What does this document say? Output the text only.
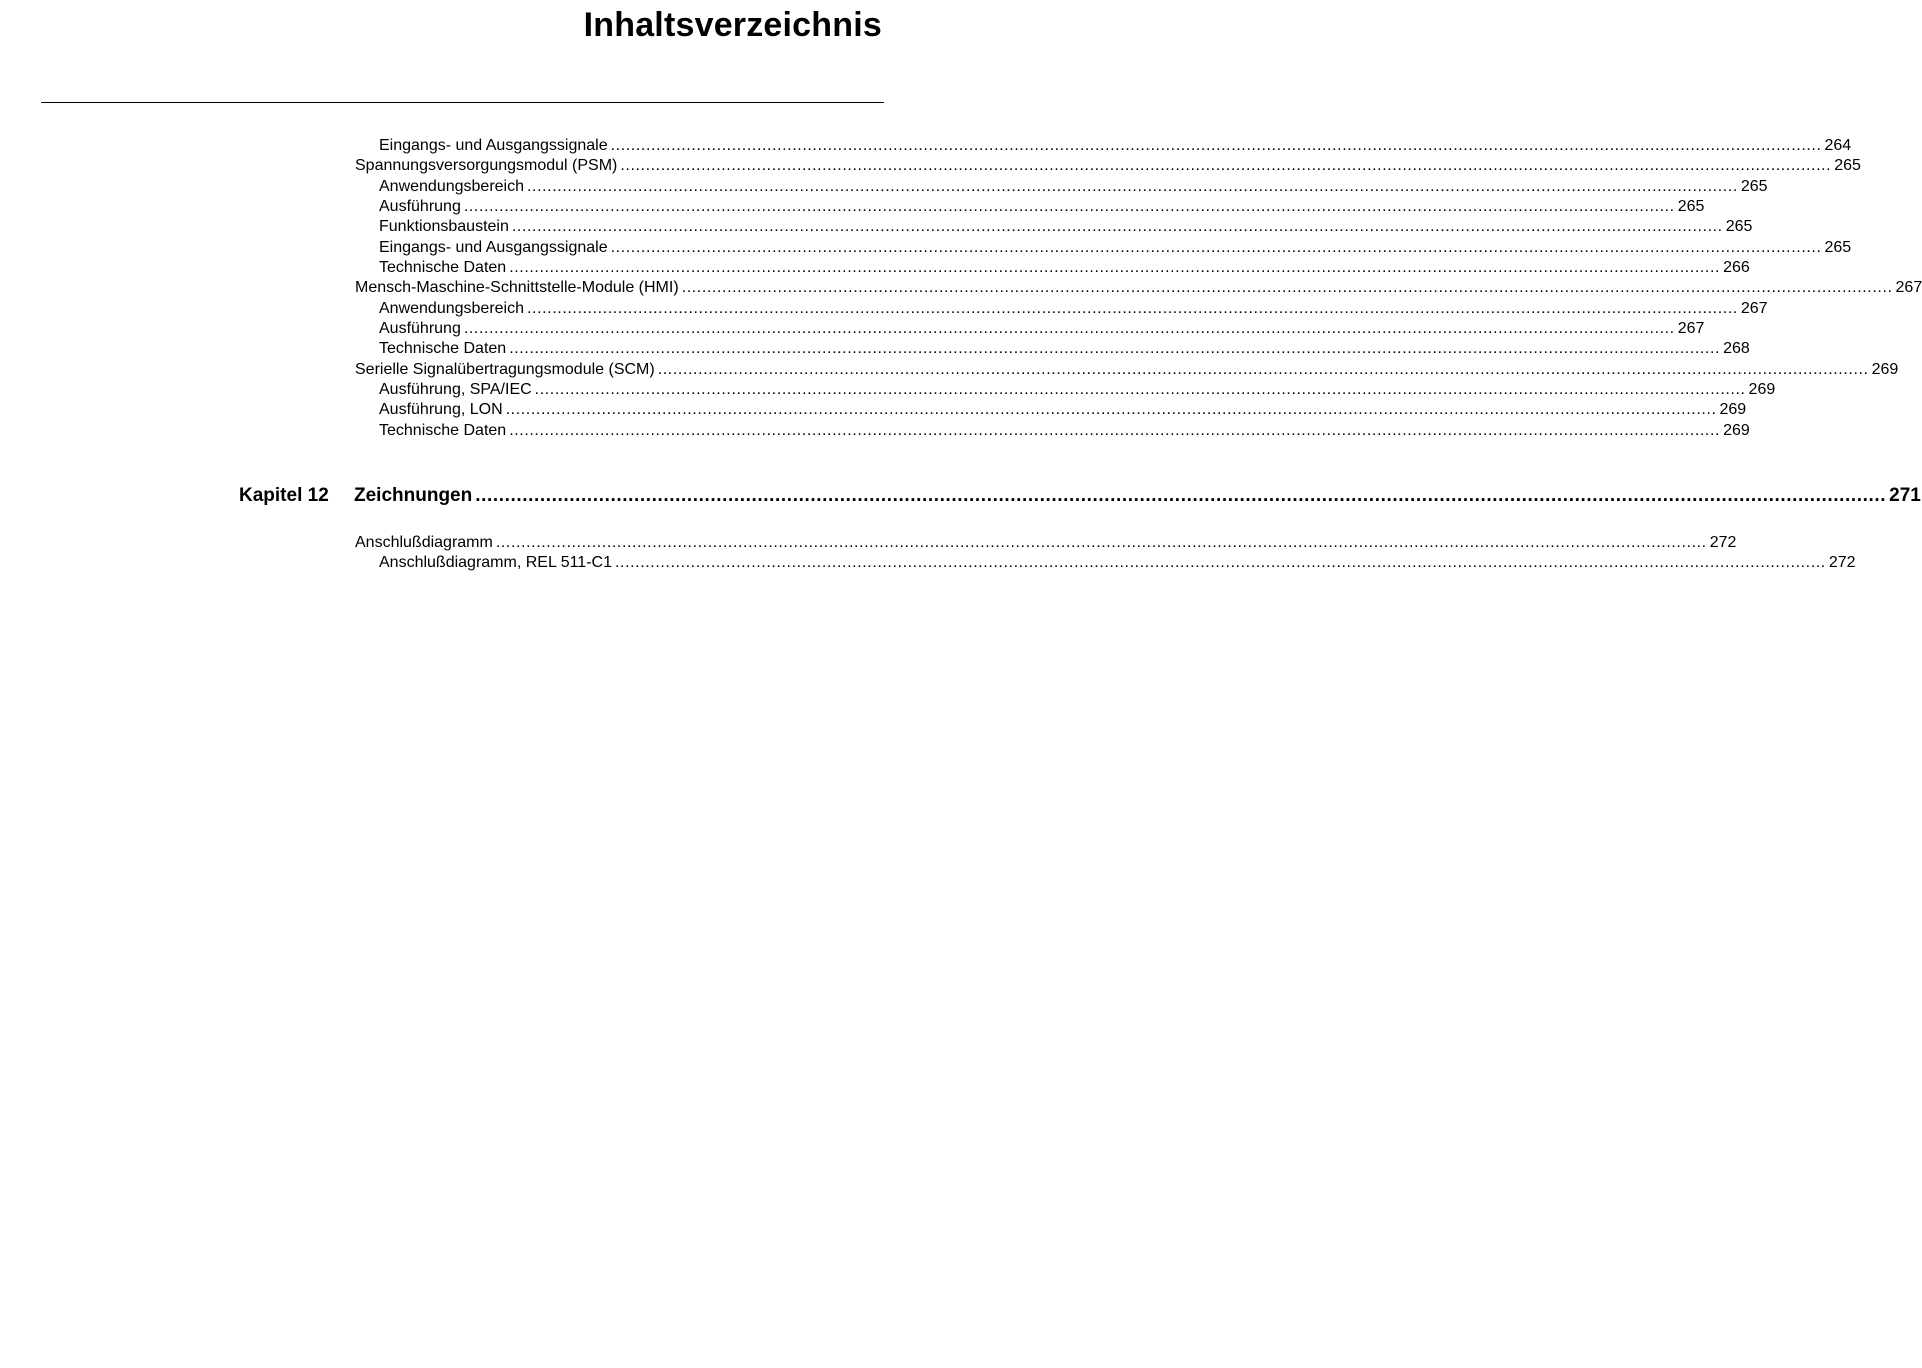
Inhaltsverzeichnis
Eingangs- und Ausgangssignale ................................................................................................................................................................................................................................................ 264
Spannungsversorgungsmodul (PSM) ................................................................................................................................................................................................................................................ 265
Anwendungsbereich ................................................................................................................................................................................................................................................ 265
Ausführung ................................................................................................................................................................................................................................................ 265
Funktionsbaustein ................................................................................................................................................................................................................................................ 265
Eingangs- und Ausgangssignale ................................................................................................................................................................................................................................................ 265
Technische Daten ................................................................................................................................................................................................................................................ 266
Mensch-Maschine-Schnittstelle-Module (HMI) ................................................................................................................................................................................................................................................ 267
Anwendungsbereich ................................................................................................................................................................................................................................................ 267
Ausführung ................................................................................................................................................................................................................................................ 267
Technische Daten ................................................................................................................................................................................................................................................ 268
Serielle Signalübertragungsmodule (SCM) ................................................................................................................................................................................................................................................ 269
Ausführung, SPA/IEC ................................................................................................................................................................................................................................................ 269
Ausführung, LON ................................................................................................................................................................................................................................................ 269
Technische Daten ................................................................................................................................................................................................................................................ 269
Kapitel 12 Zeichnungen ................................................................................................................................................................................................................................................ 271
Anschlußdiagramm ................................................................................................................................................................................................................................................ 272
Anschlußdiagramm, REL 511-C1 ................................................................................................................................................................................................................................................ 272
